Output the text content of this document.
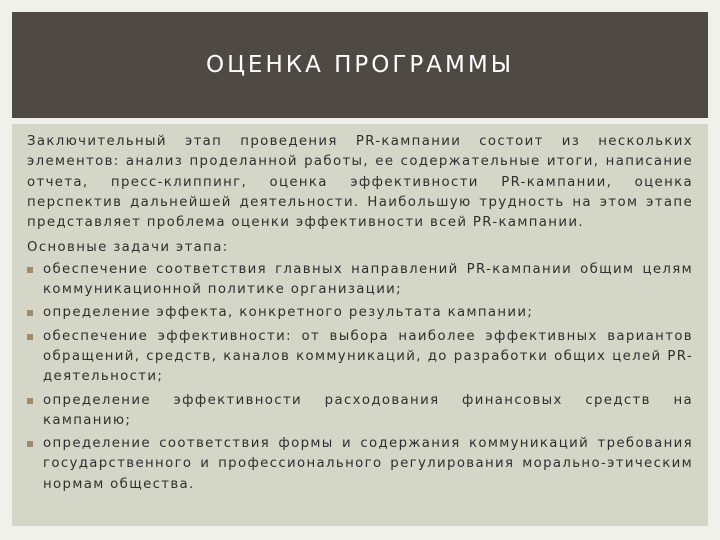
ОЦЕНКА ПРОГРАММЫ

Заключительный этап проведения PR-кампании состоит из нескольких элементов: анализ проделанной работы, ее содержательные итоги, написание отчета, пресс-клиппинг, оценка эффективности PR-кампании, оценка перспектив дальнейшей деятельности. Наибольшую трудность на этом этапе представляет проблема оценки эффективности всей PR-кампании.

Основные задачи этапа:
обеспечение соответствия главных направлений PR-кампании общим целям коммуникационной политике организации;
определение эффекта, конкретного результата кампании;
обеспечение эффективности: от выбора наиболее эффективных вариантов обращений, средств, каналов коммуникаций, до разработки общих целей PR-деятельности;
определение эффективности расходования финансовых средств на кампанию;
определение соответствия формы и содержания коммуникаций требования государственного и профессионального регулирования морально-этическим нормам общества.
